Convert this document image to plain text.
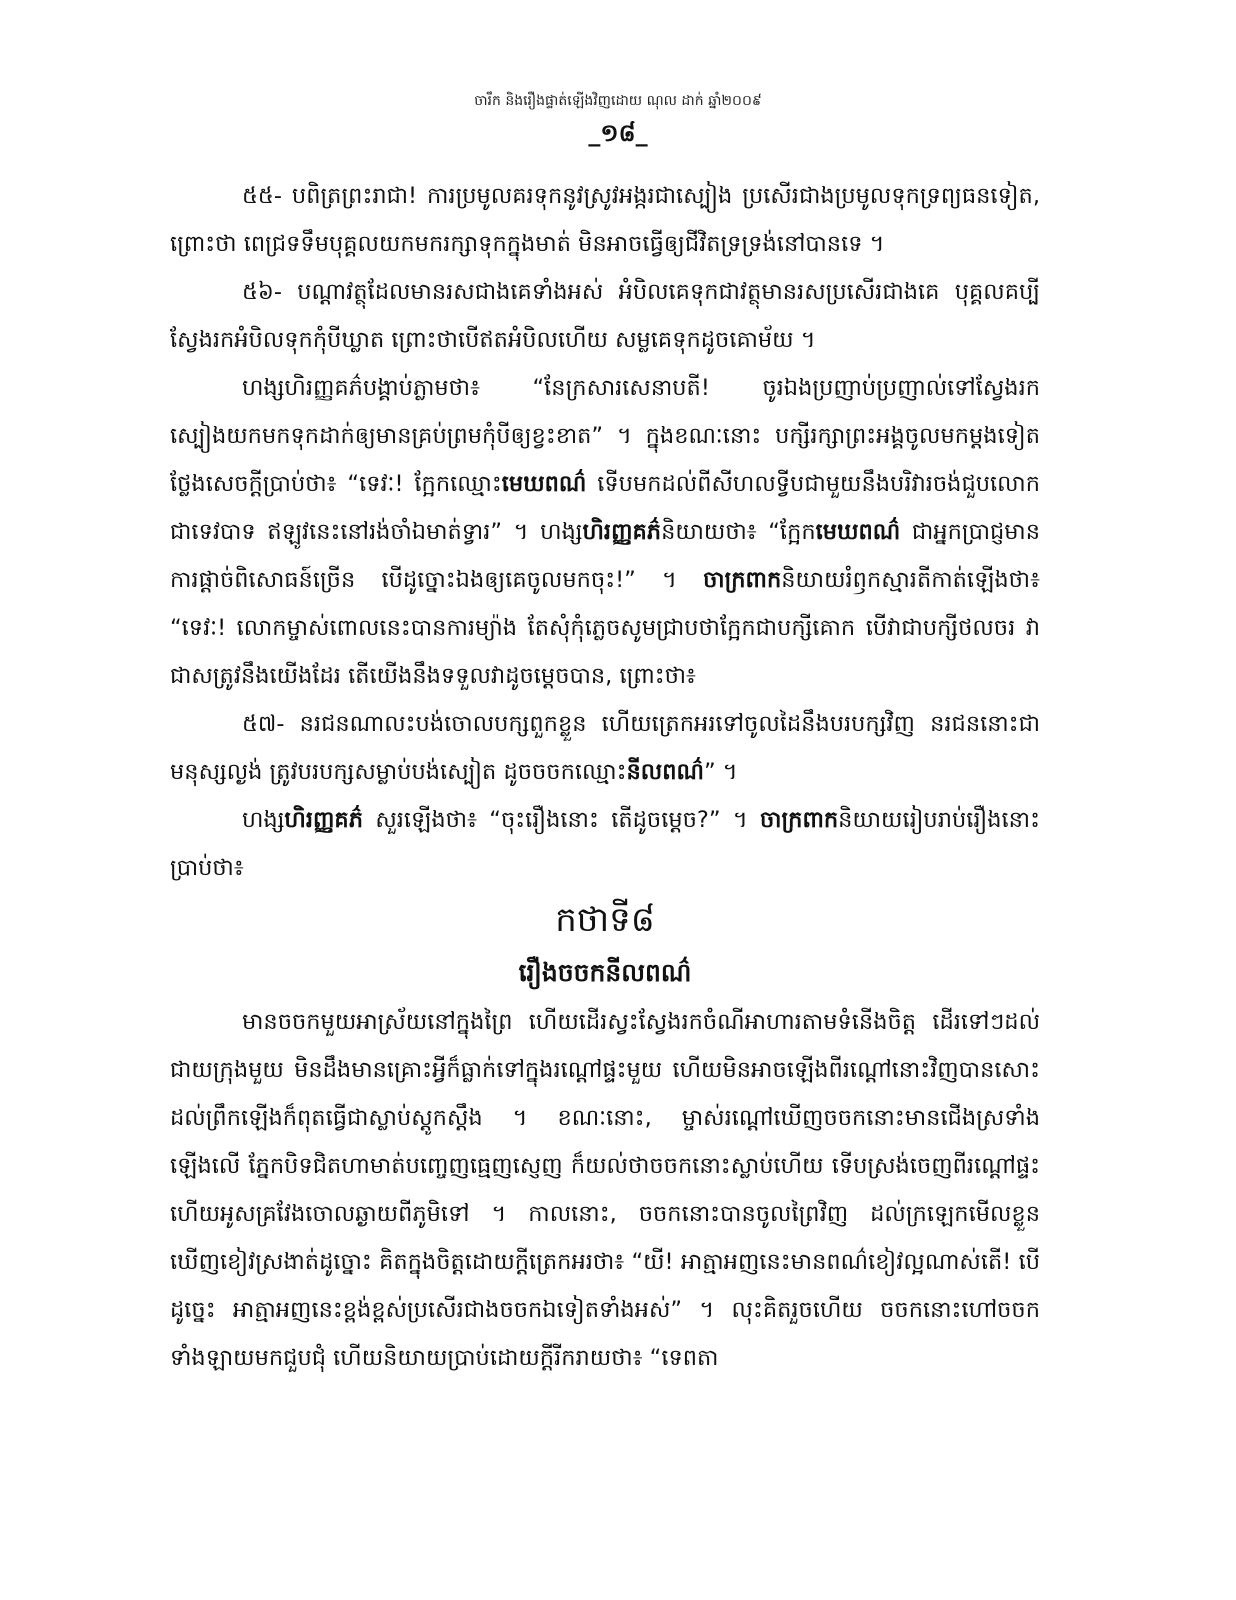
ចារឹក និងរឿងផ្ទាត់ឡើងវិញដោយ ណុល ដាក់ ឆ្នាំ២០០៩
_១៨_

៥៥- បពិត្រព្រះរាជា! ការប្រមូលគរទុកនូវស្រូវអង្ករជាស្បៀង ប្រសើរជាងប្រមូលទុកទ្រព្យធនទៀត, ព្រោះថា ពេជ្រទទឹមបុគ្គលយកមករក្សាទុកក្នុងមាត់ មិនអាចធ្វើឲ្យជីវិតទ្រទ្រង់នៅបានទេ ។

៥៦- បណ្ដាវត្ថុដែលមានរសជាងគេទាំងអស់ អំបិលគេទុកជាវត្ថុមានរសប្រសើរជាងគេ បុគ្គលគប្បីស្វែងរកអំបិលទុកកុំបីឃ្លាត ព្រោះថាបើឥតអំបិលហើយ សម្លគេទុកដូចគោម័យ ។

ហង្សហិរញ្ញគភ៌បង្គាប់ភ្លាមថា៖ “នែក្រសារសេនាបតី! ចូរឯងប្រញាប់ប្រញាល់ទៅស្វែងរកស្បៀងយកមកទុកដាក់ឲ្យមានគ្រប់ព្រមកុំបីឲ្យខ្វះខាត” ។ ក្នុងខណៈនោះ បក្សីរក្សាព្រះអង្គចូលមកម្ដងទៀតថ្លែងសេចក្ដីប្រាប់ថា៖ “ទេវៈ! ក្អែកឈ្មោះមេឃពណ៌ ទើបមកដល់ពីសីហលទ្វីបជាមួយនឹងបរិវារចង់ជួបលោកជាទេវបាទ ឥឡូវនេះនៅរង់ចាំឯមាត់ទ្វារ” ។ ហង្សហិរញ្ញគភ៌និយាយថា៖ “ក្អែកមេឃពណ៌ ជាអ្នកប្រាជ្ញមានការផ្ដាច់ពិសោធន៍ច្រើន បើដូច្នោះឯងឲ្យគេចូលមកចុះ!” ។ ចាក្រពាកនិយាយរំឭកស្មារតីកាត់ឡើងថា៖ “ទេវៈ! លោកម្ចាស់ពោលនេះបានការម្យ៉ាង តែសុំកុំភ្លេចសូមជ្រាបថាក្អែកជាបក្សីគោក បើវាជាបក្សីថលចរ វាជាសត្រូវនឹងយើងដែរ តើយើងនឹងទទួលវាដូចម្ដេចបាន, ព្រោះថា៖

៥៧- នរជនណាលះបង់ចោលបក្សពួកខ្លួន ហើយត្រេកអរទៅចូលដៃនឹងបរបក្សវិញ នរជននោះជាមនុស្សល្ងង់ ត្រូវបរបក្សសម្លាប់បង់ស្បៀត ដូចចចកឈ្មោះនីលពណ៌” ។

ហង្សហិរញ្ញគភ៌ សួរឡើងថា៖ “ចុះរឿងនោះ តើដូចម្ដេច?” ។ ចាក្រពាកនិយាយរៀបរាប់រឿងនោះប្រាប់ថា៖

កថាទី៨

រឿងចចកនីលពណ៌

មានចចកមួយអាស្រ័យនៅក្នុងព្រៃ ហើយដើរស្វះស្វែងរកចំណីអាហារតាមទំនើងចិត្ត ដើរទៅៗដល់ជាយក្រុងមួយ មិនដឹងមានគ្រោះអ្វីក៏ធ្លាក់ទៅក្នុងរណ្ដៅផ្ទះមួយ ហើយមិនអាចឡើងពីរណ្ដៅនោះវិញបានសោះ ដល់ព្រឹកឡើងក៏ពុតធ្វើជាស្លាប់ស្ដូកស្ដឹង ។ ខណៈនោះ, ម្ចាស់រណ្ដៅឃើញចចកនោះមានជើងស្រទាំងឡើងលើ ភ្នែកបិទជិតហាមាត់បញ្ចេញធ្មេញស្ញេញ ក៏យល់ថាចចកនោះស្លាប់ហើយ ទើបស្រង់ចេញពីរណ្ដៅផ្ទះ ហើយអូសគ្រវែងចោលឆ្ងាយពីភូមិទៅ ។ កាលនោះ, ចចកនោះបានចូលព្រៃវិញ ដល់ក្រឡេកមើលខ្លួនឃើញខៀវស្រងាត់ដូច្នោះ គិតក្នុងចិត្តដោយក្ដីត្រេកអរថា៖ “យី! អាត្មាអញនេះមានពណ៌ខៀវល្អណាស់តើ! បើដូច្នេះ អាត្មាអញនេះខ្ពង់ខ្ពស់ប្រសើរជាងចចកឯទៀតទាំងអស់” ។ លុះគិតរួចហើយ ចចកនោះហៅចចកទាំងឡាយមកជួបជុំ ហើយនិយាយប្រាប់ដោយក្ដីរីករាយថា៖ “ទេពតា
